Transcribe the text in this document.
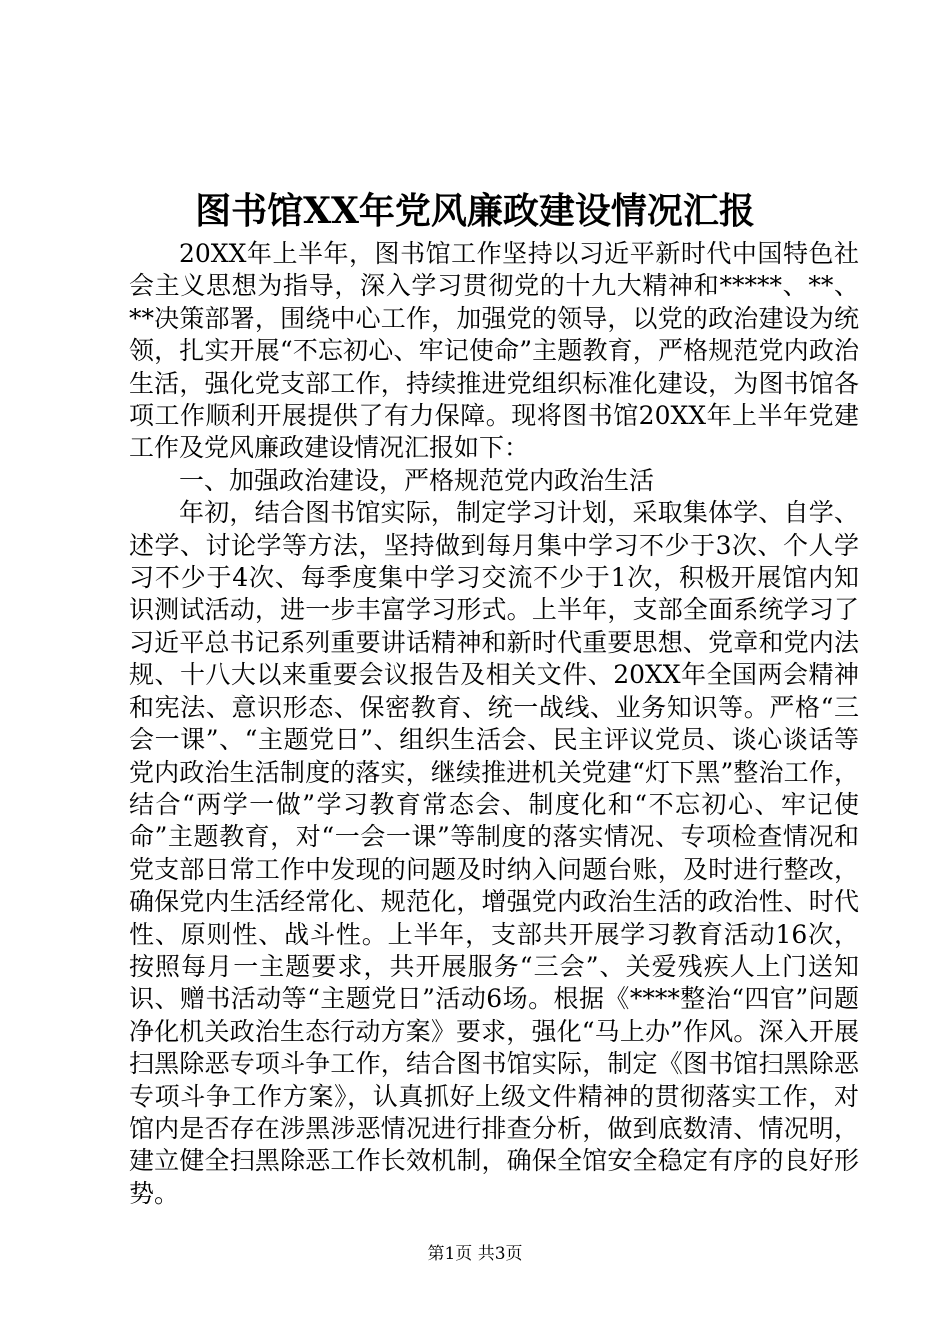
图书馆XX年党风廉政建设情况汇报

20XX年上半年，图书馆工作坚持以习近平新时代中国特色社会主义思想为指导，深入学习贯彻党的十九大精神和*****、**、**决策部署，围绕中心工作，加强党的领导，以党的政治建设为统领，扎实开展“不忘初心、牢记使命”主题教育，严格规范党内政治生活，强化党支部工作，持续推进党组织标准化建设，为图书馆各项工作顺利开展提供了有力保障。现将图书馆20XX年上半年党建工作及党风廉政建设情况汇报如下：

一、加强政治建设，严格规范党内政治生活

年初，结合图书馆实际，制定学习计划，采取集体学、自学、述学、讨论学等方法，坚持做到每月集中学习不少于3次、个人学习不少于4次、每季度集中学习交流不少于1次，积极开展馆内知识测试活动，进一步丰富学习形式。上半年，支部全面系统学习了习近平总书记系列重要讲话精神和新时代重要思想、党章和党内法规、十八大以来重要会议报告及相关文件、20XX年全国两会精神和宪法、意识形态、保密教育、统一战线、业务知识等。严格“三会一课”、“主题党日”、组织生活会、民主评议党员、谈心谈话等党内政治生活制度的落实，继续推进机关党建“灯下黑”整治工作，结合“两学一做”学习教育常态会、制度化和“不忘初心、牢记使命”主题教育，对“一会一课”等制度的落实情况、专项检查情况和党支部日常工作中发现的问题及时纳入问题台账，及时进行整改，确保党内生活经常化、规范化，增强党内政治生活的政治性、时代性、原则性、战斗性。上半年，支部共开展学习教育活动16次，按照每月一主题要求，共开展服务“三会”、关爱残疾人上门送知识、赠书活动等“主题党日”活动6场。根据《****整治“四官”问题净化机关政治生态行动方案》要求，强化“马上办”作风。深入开展扫黑除恶专项斗争工作，结合图书馆实际，制定《图书馆扫黑除恶专项斗争工作方案》，认真抓好上级文件精神的贯彻落实工作，对馆内是否存在涉黑涉恶情况进行排查分析，做到底数清、情况明，建立健全扫黑除恶工作长效机制，确保全馆安全稳定有序的良好形势。

第1页 共3页
